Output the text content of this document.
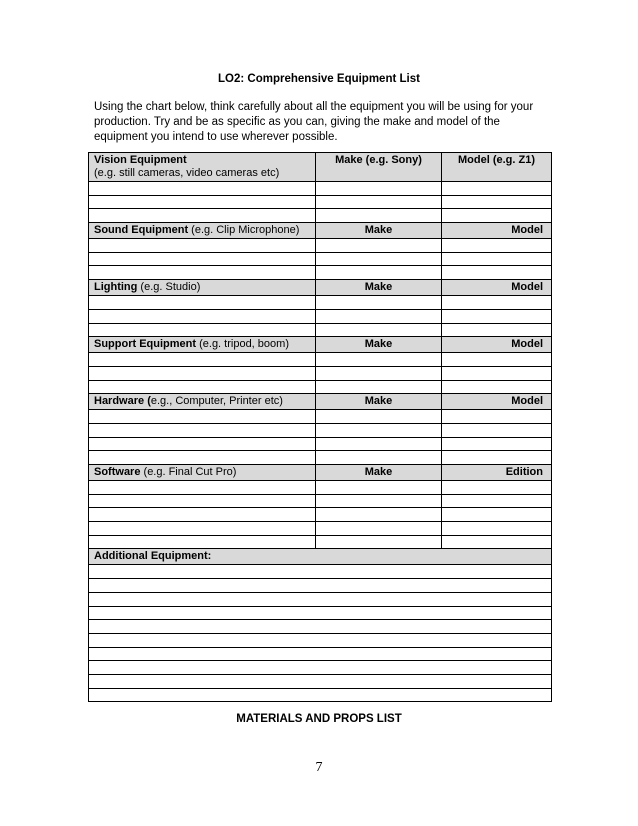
LO2: Comprehensive Equipment List
Using the chart below, think carefully about all the equipment you will be using for your
production. Try and be as specific as you can, giving the make and model of the
equipment you intend to use wherever possible.
Vision Equipment
(e.g. still cameras, video cameras etc)	Make (e.g. Sony)	Model (e.g. Z1)

Sound Equipment (e.g. Clip Microphone)	Make	Model

Lighting (e.g. Studio)	Make	Model

Support Equipment (e.g. tripod, boom)	Make	Model

Hardware (e.g., Computer, Printer etc)	Make	Model

Software (e.g. Final Cut Pro)	Make	Edition

Additional Equipment:		

MATERIALS AND PROPS LIST
7
